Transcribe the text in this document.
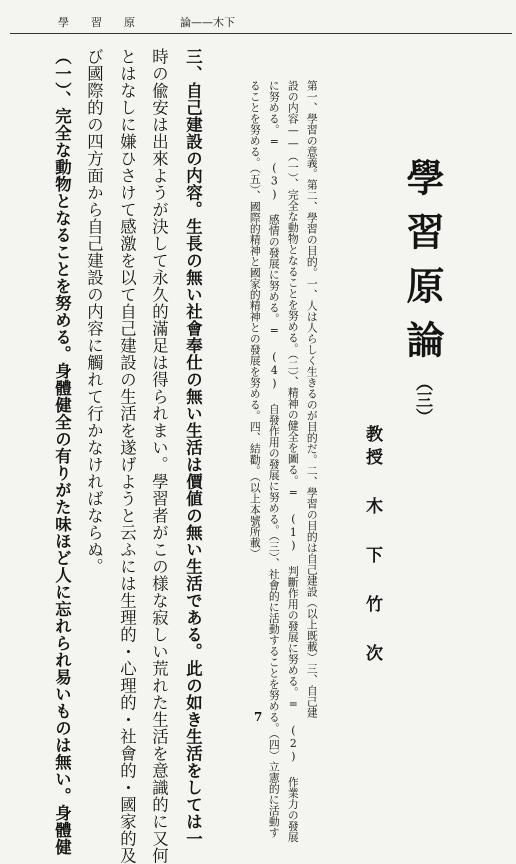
學　　習　　原	論——木下
學習原論（三）
教授 木 下 竹 次
第一、學習の意義。第二、學習の目的。一、人は人らしく生きるのが目的だ。二、學習の目的は自己建設（以上既載）三、自己建
設の内容——（一）、完全な動物となることを努める。（二）、精神の健全を圖る。= (1) 判斷作用の發展に努める。= (2) 作業力の發展
に努める。= (3) 感情の發展に努める。= (4) 自發作用の發展に努める。（三）、社會的に活動することを努める。（四）立憲的に活動す
ることを努める。（五）、國際的精神と國家的精神との發展を努める。四、結勸。（以上本號所載）
三、自己建設の内容。生長の無い社會奉仕の無い生活は價値の無い生活である。此の如き生活をしては一
時の偸安は出來ようが決して永久的滿足は得られまい。學習者がこの様な寂しい荒れた生活を意識的に又何
とはなしに嫌ひさけて感激を以て自己建設の生活を遂げようと云ふには生理的・心理的・社會的・國家的及
び國際的の四方面から自己建設の内容に觸れて行かなければならぬ。
（一）、完全な動物となることを努める。身體健全の有りがた味ほど人に忘れられ易いものは無い。身體健	7
